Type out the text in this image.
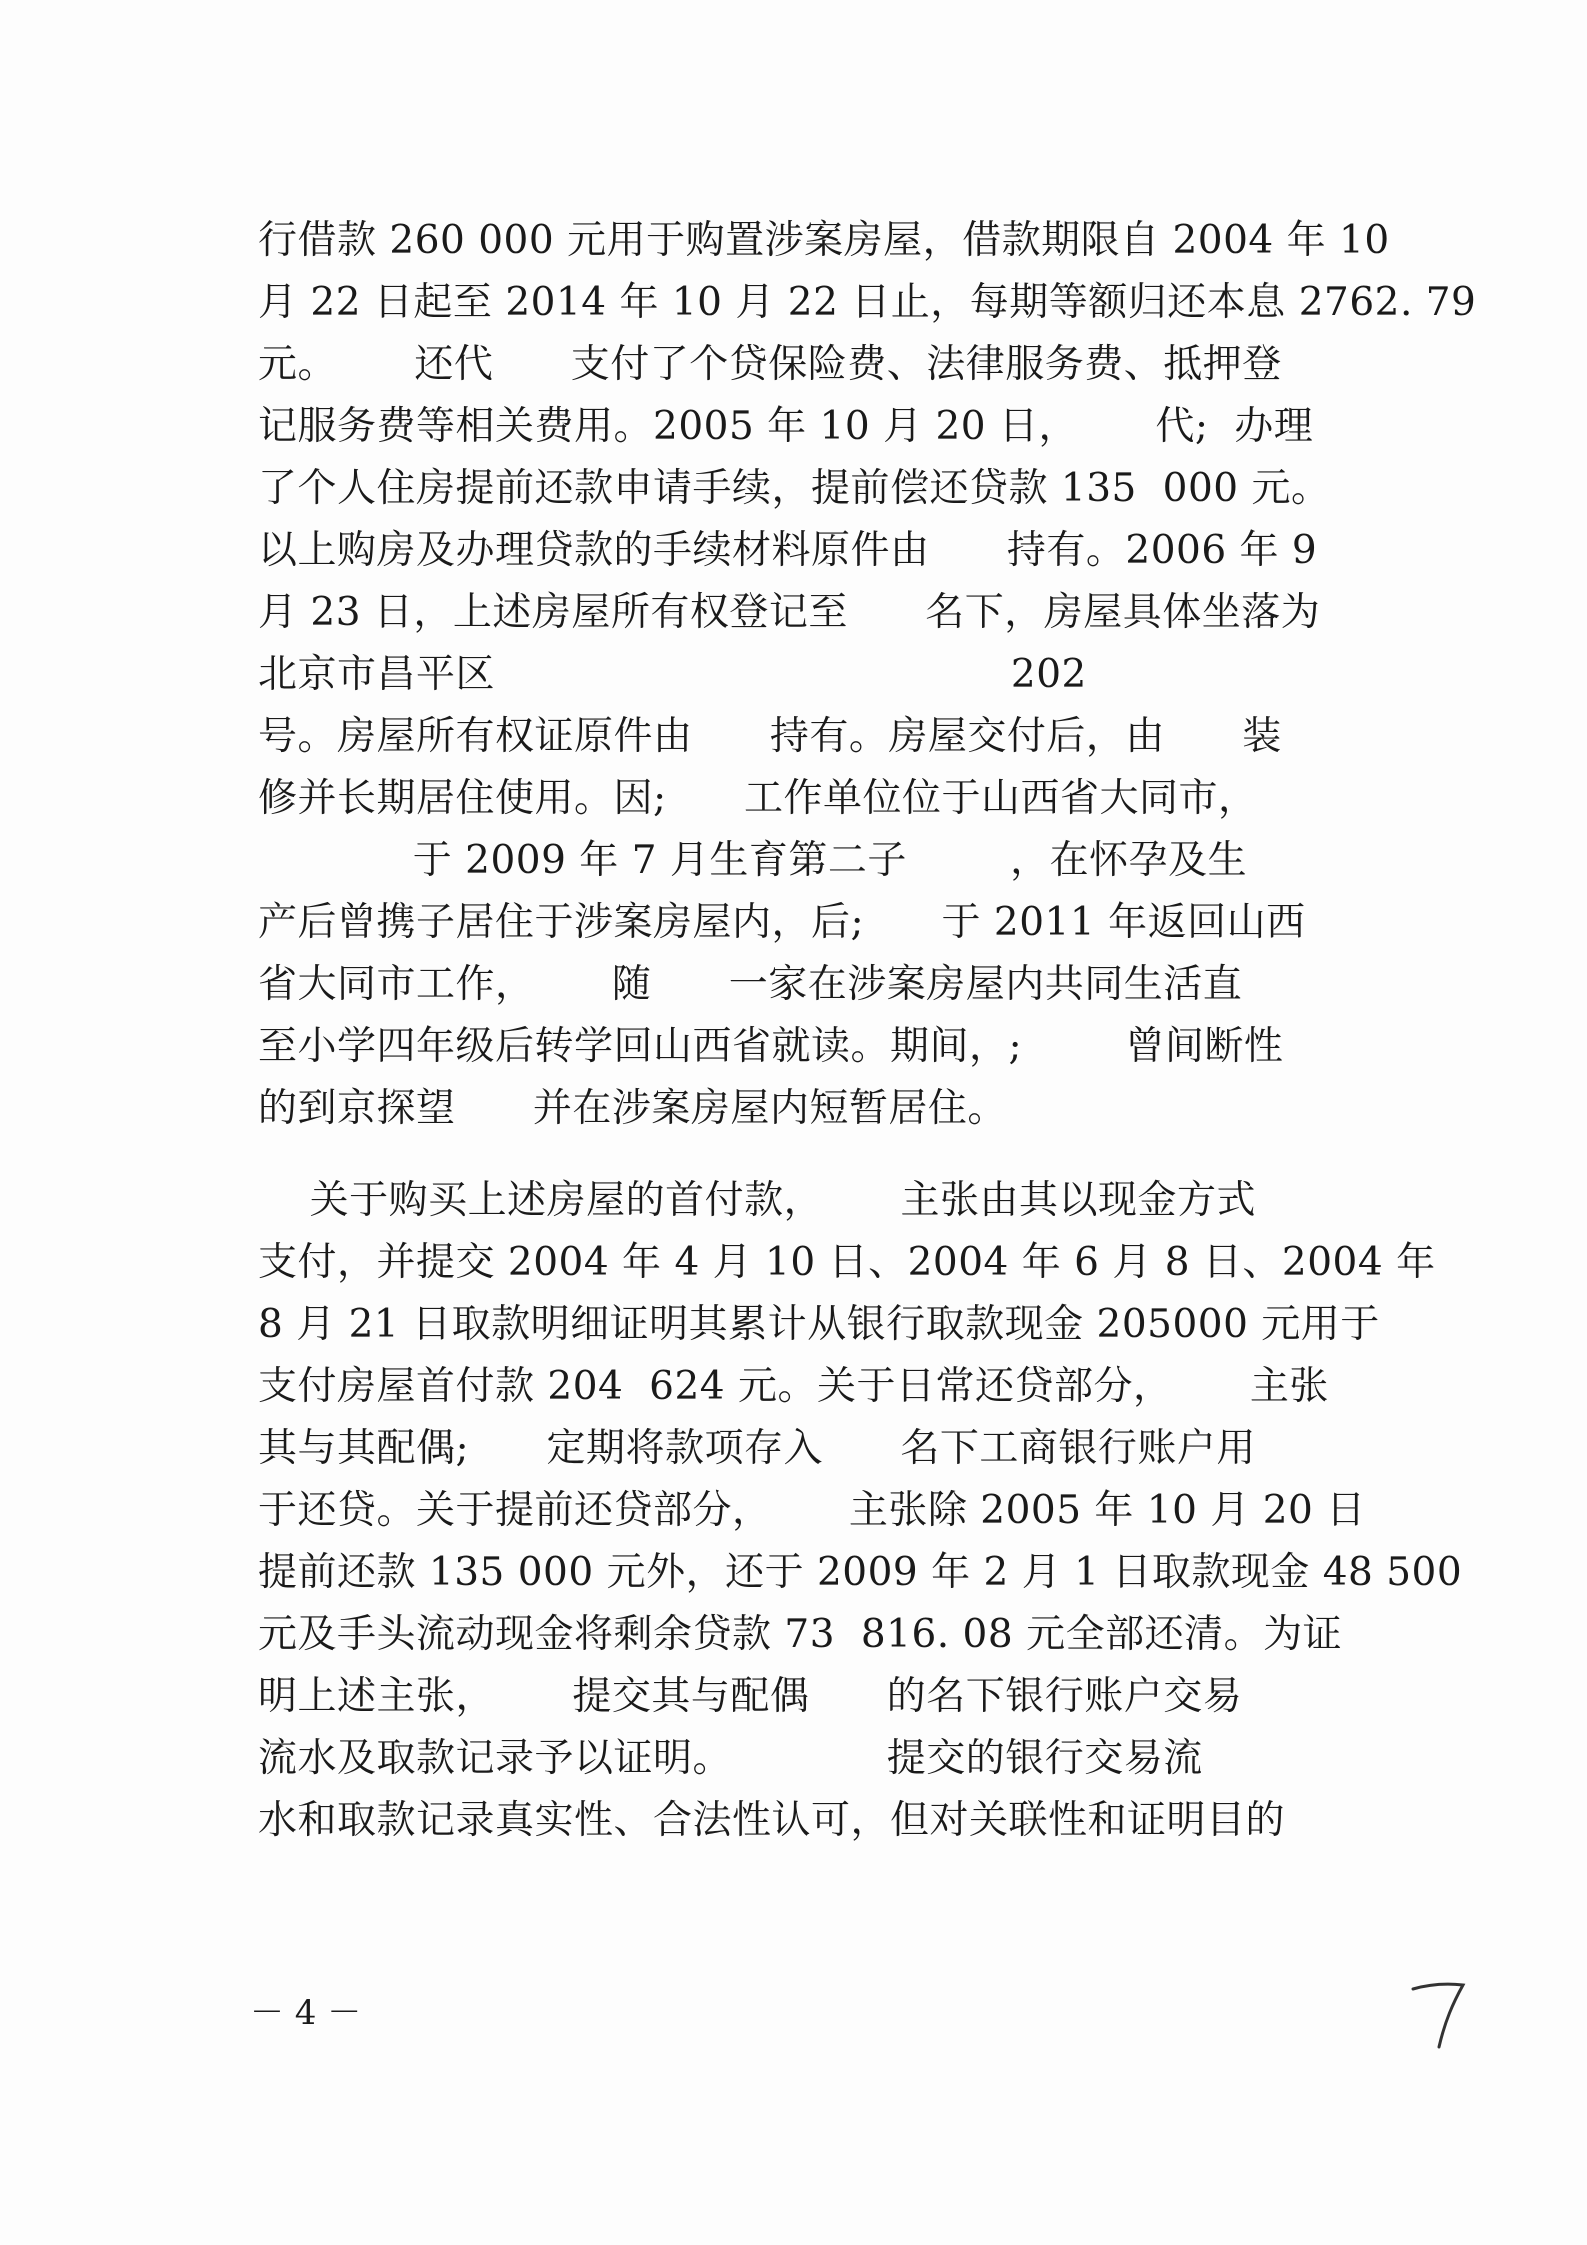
行借款 260 000 元用于购置涉案房屋，借款期限自 2004 年 10
月 22 日起至 2014 年 10 月 22 日止，每期等额归还本息 2762. 79
元。      还代      支付了个贷保险费、法律服务费、抵押登
记服务费等相关费用。2005 年 10 月 20 日，      代;  办理
了个人住房提前还款申请手续，提前偿还贷款 135  000 元。
以上购房及办理贷款的手续材料原件由      持有。2006 年 9
月 23 日，上述房屋所有权登记至      名下，房屋具体坐落为
北京市昌平区                                        202
号。房屋所有权证原件由      持有。房屋交付后，由      装
修并长期居住使用。因;      工作单位位于山西省大同市，
于 2009 年 7 月生育第二子        ，在怀孕及生
产后曾携子居住于涉案房屋内，后;      于 2011 年返回山西
省大同市工作，      随      一家在涉案房屋内共同生活直
至小学四年级后转学回山西省就读。期间，;        曾间断性
的到京探望      并在涉案房屋内短暂居住。
关于购买上述房屋的首付款，      主张由其以现金方式
支付，并提交 2004 年 4 月 10 日、2004 年 6 月 8 日、2004 年
8 月 21 日取款明细证明其累计从银行取款现金 205000 元用于
支付房屋首付款 204  624 元。关于日常还贷部分，      主张
其与其配偶;      定期将款项存入      名下工商银行账户用
于还贷。关于提前还贷部分，      主张除 2005 年 10 月 20 日
提前还款 135 000 元外，还于 2009 年 2 月 1 日取款现金 48 500
元及手头流动现金将剩余贷款 73  816. 08 元全部还清。为证
明上述主张，      提交其与配偶      的名下银行账户交易
流水及取款记录予以证明。            提交的银行交易流
水和取款记录真实性、合法性认可，但对关联性和证明目的
－ 4 －
